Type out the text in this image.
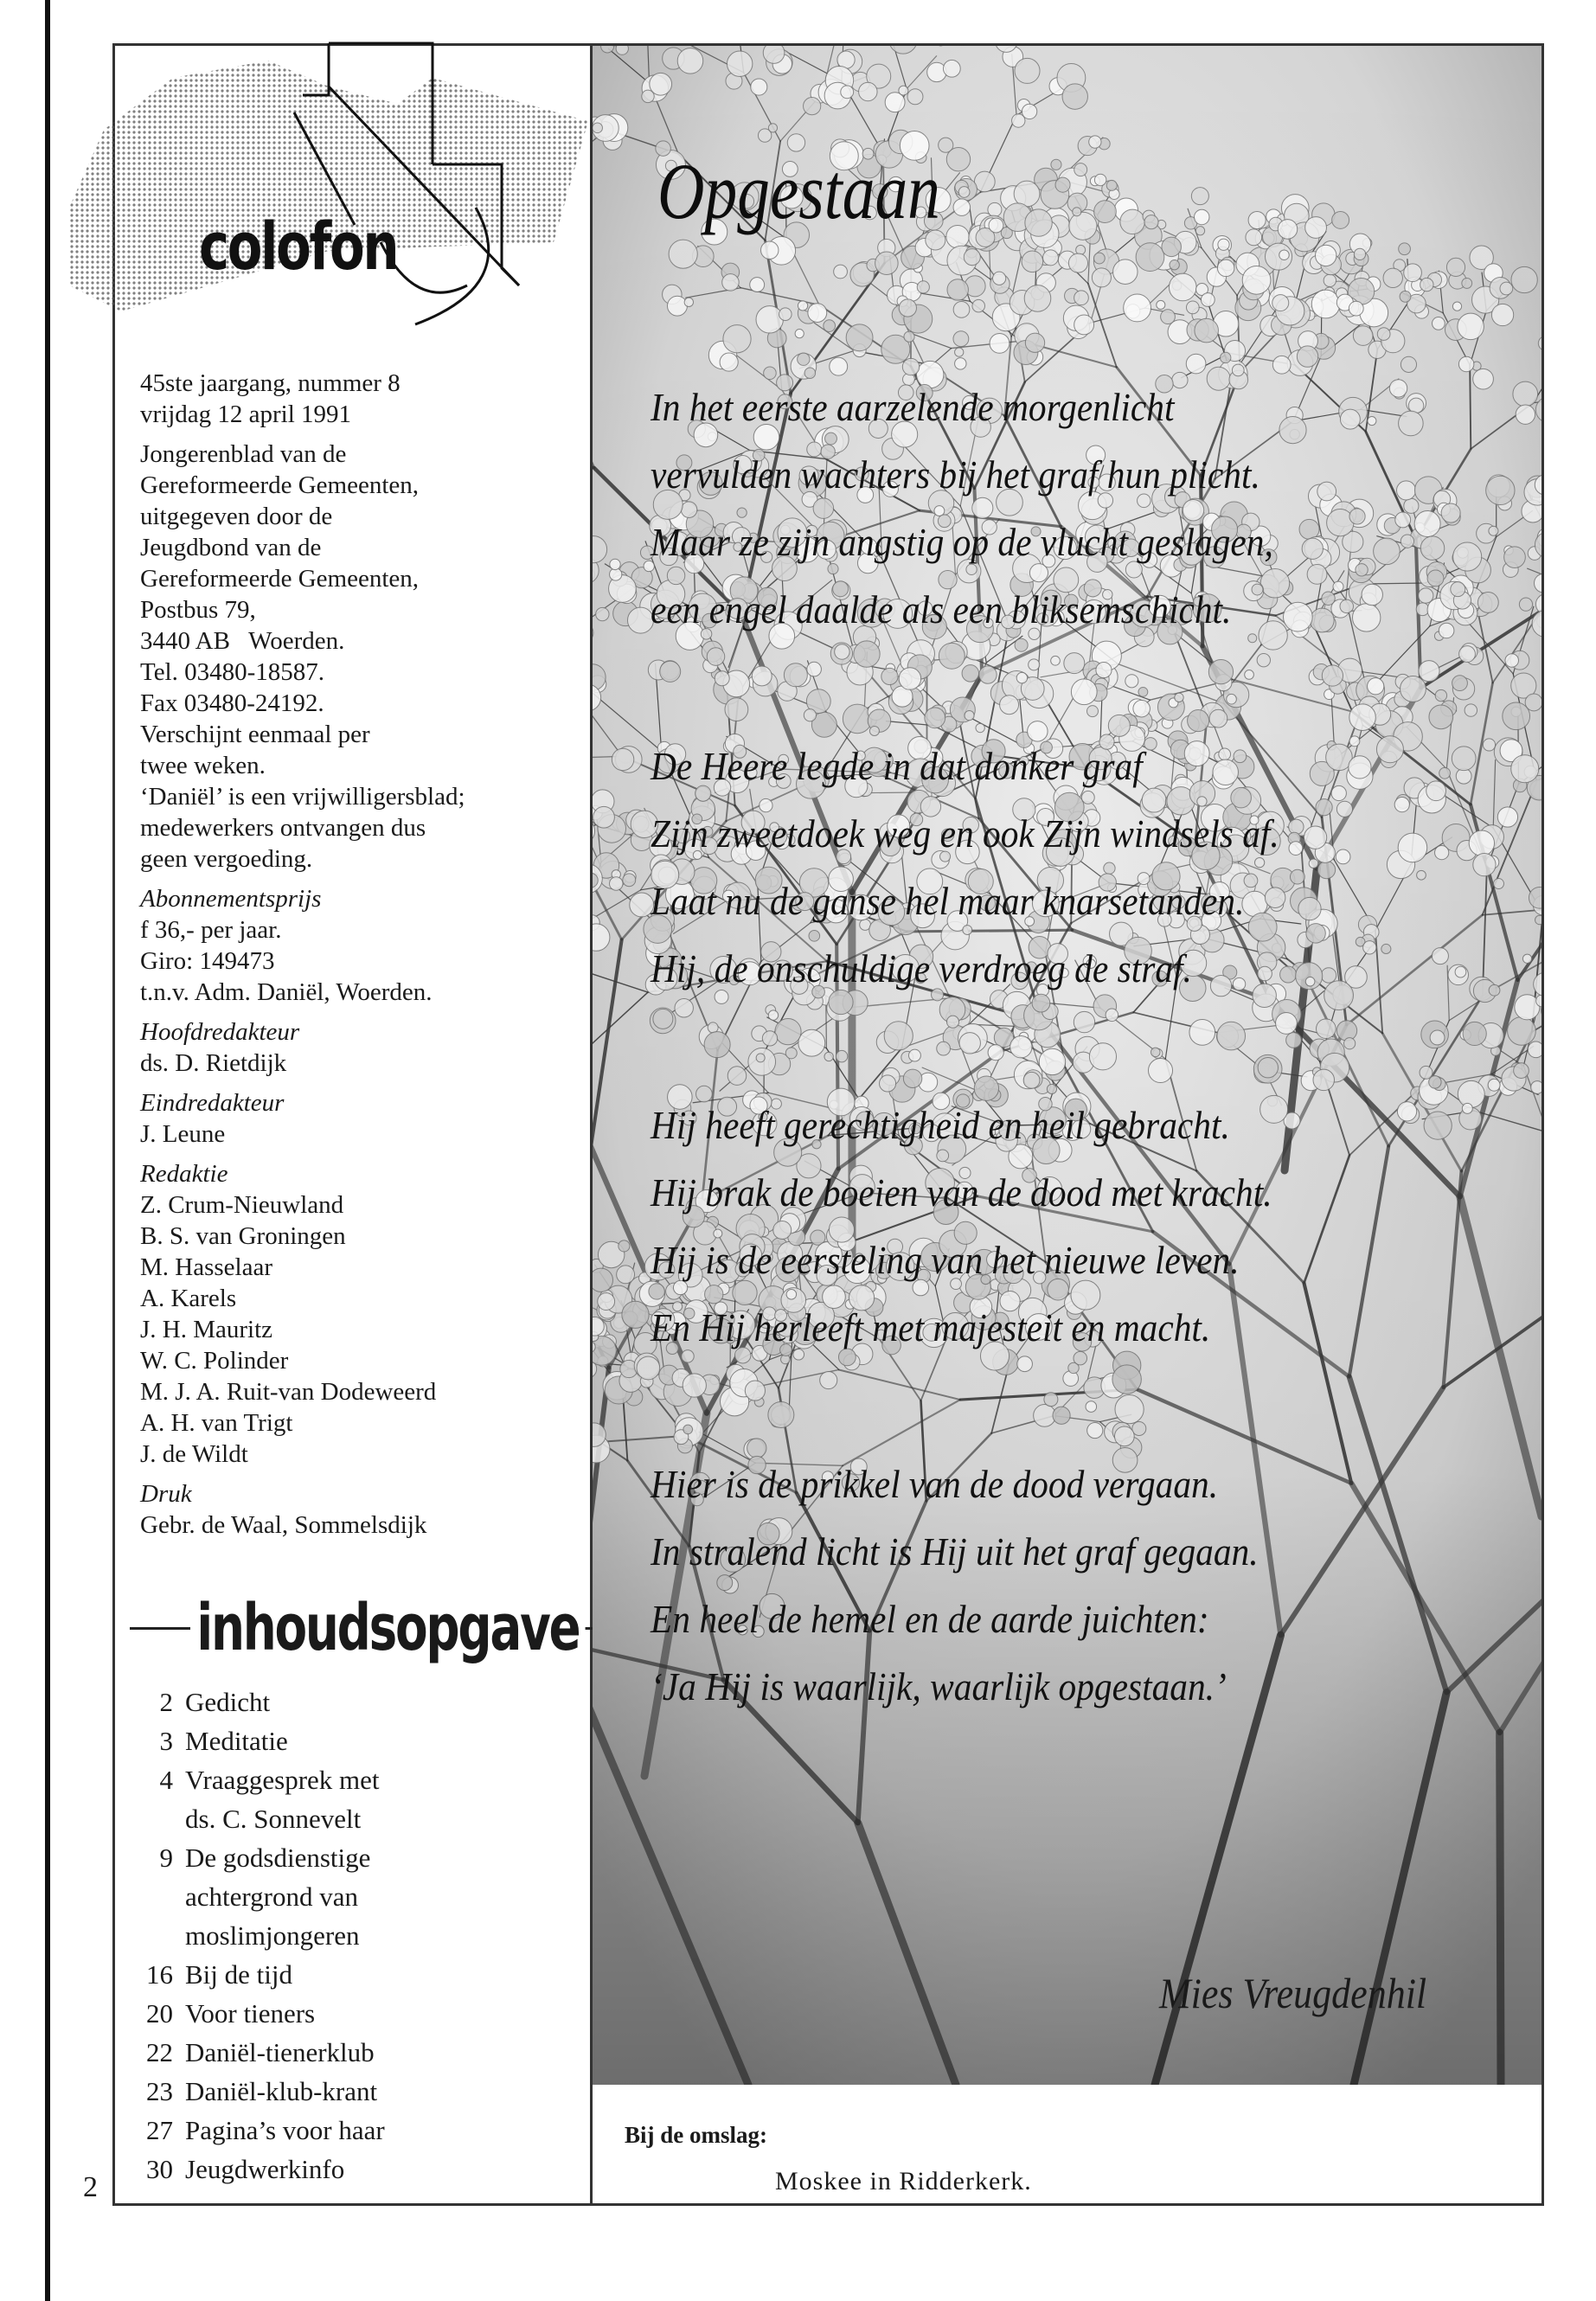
colofon

45ste jaargang, nummer 8
vrijdag 12 april 1991

Jongerenblad van de
Gereformeerde Gemeenten,
uitgegeven door de
Jeugdbond van de
Gereformeerde Gemeenten,
Postbus 79,
3440 AB   Woerden.
Tel. 03480-18587.
Fax 03480-24192.
Verschijnt eenmaal per
twee weken.
‘Daniël’ is een vrijwilligersblad;
medewerkers ontvangen dus
geen vergoeding.

Abonnementsprijs
f 36,- per jaar.
Giro: 149473
t.n.v. Adm. Daniël, Woerden.

Hoofdredakteur
ds. D. Rietdijk

Eindredakteur
J. Leune

Redaktie
Z. Crum-Nieuwland
B. S. van Groningen
M. Hasselaar
A. Karels
J. H. Mauritz
W. C. Polinder
M. J. A. Ruit-van Dodeweerd
A. H. van Trigt
J. de Wildt

Druk
Gebr. de Waal, Sommelsdijk

inhoudsopgave
2 Gedicht
3 Meditatie
4 Vraaggesprek met
ds. C. Sonnevelt
9 De godsdienstige
achtergrond van
moslimjongeren
16 Bij de tijd
20 Voor tieners
22 Daniël-tienerklub
23 Daniël-klub-krant
27 Pagina’s voor haar
30 Jeugdwerkinfo
Opgestaan
In het eerste aarzelende morgenlicht
vervulden wachters bij het graf hun plicht.
Maar ze zijn angstig op de vlucht geslagen,
een engel daalde als een bliksemschicht.
De Heere legde in dat donker graf
Zijn zweetdoek weg en ook Zijn windsels af.
Laat nu de ganse hel maar knarsetanden.
Hij, de onschuldige verdroeg de straf.
Hij heeft gerechtigheid en heil gebracht.
Hij brak de boeien van de dood met kracht.
Hij is de eersteling van het nieuwe leven.
En Hij herleeft met majesteit en macht.
Hier is de prikkel van de dood vergaan.
In stralend licht is Hij uit het graf gegaan.
En heel de hemel en de aarde juichten:
‘Ja Hij is waarlijk, waarlijk opgestaan.’
Mies Vreugdenhil
Bij de omslag:
Moskee in Ridderkerk.
2
